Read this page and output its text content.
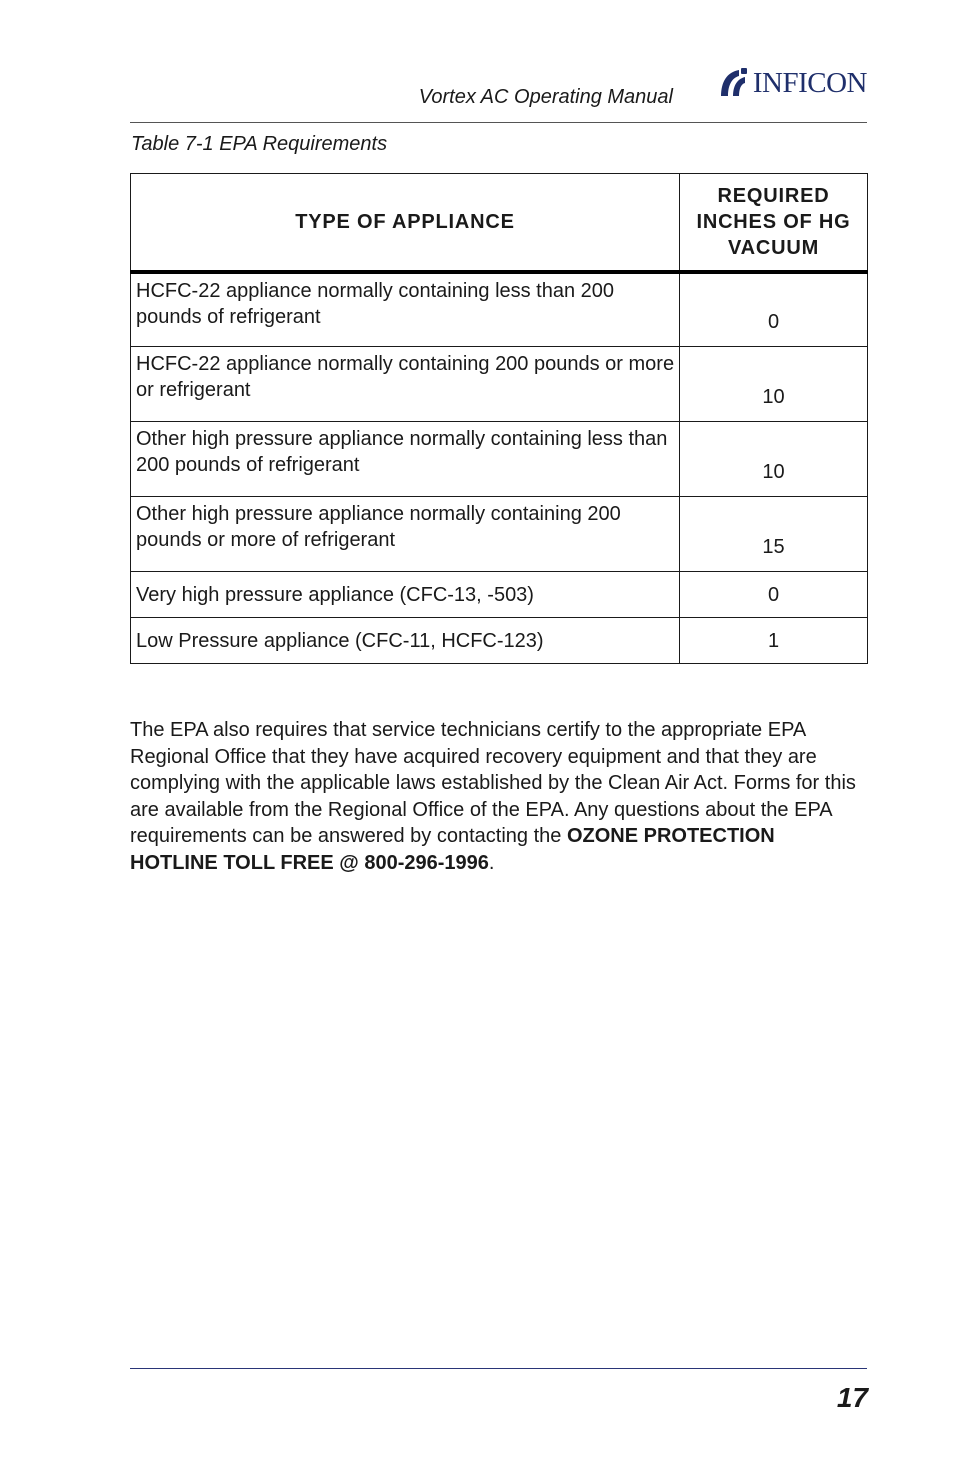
Vortex AC Operating Manual	INFICON
Table 7-1 EPA Requirements
TYPE OF APPLIANCE	REQUIRED INCHES OF HG VACUUM

HCFC-22 appliance normally containing less than 200 pounds of refrigerant	0
HCFC-22 appliance normally containing 200 pounds or more or refrigerant	10
Other high pressure appliance normally containing less than 200 pounds of refrigerant	10
Other high pressure appliance normally containing 200 pounds or more of refrigerant	15
Very high pressure appliance (CFC-13, -503)	0
Low Pressure appliance (CFC-11, HCFC-123)	1

The EPA also requires that service technicians certify to the appropriate EPA Regional Office that they have acquired recovery equipment and that they are complying with the applicable laws established by the Clean Air Act. Forms for this are available from the Regional Office of the EPA. Any questions about the EPA requirements can be answered by contacting the OZONE PROTECTION HOTLINE TOLL FREE @ 800-296-1996.

17
